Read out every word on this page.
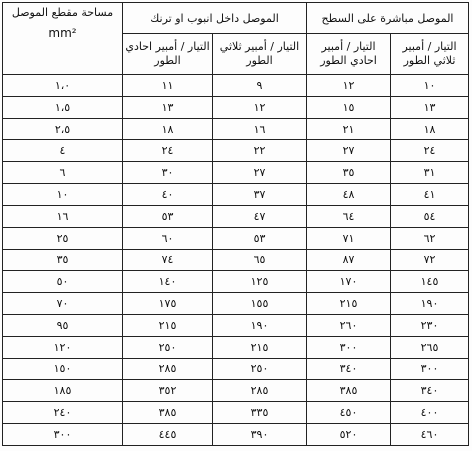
الموصل مباشرة على السطح		الموصل داخل انبوب او ترنك		مساحة مقطع الموصل
mm²
التيار / أمبير ثلاثي الطور	التيار / أمبير احادي الطور	التيار / أمبير ثلاثي الطور	التيار / أمبير احادي الطور	
١٠	١٢	٩	١١	١،٠
١٣	١٥	١٢	١٣	١،٥
١٨	٢١	١٦	١٨	٢،٥
٢٤	٢٧	٢٢	٢٤	٤
٣١	٣٥	٢٧	٣٠	٦
٤١	٤٨	٣٧	٤٠	١٠
٥٤	٦٤	٤٧	٥٣	١٦
٦٢	٧١	٥٣	٦٠	٢٥
٧٢	٨٧	٦٥	٧٤	٣٥
١٤٥	١٧٠	١٢٥	١٤٠	٥٠
١٩٠	٢١٥	١٥٥	١٧٥	٧٠
٢٣٠	٢٦٠	١٩٠	٢١٥	٩٥
٢٦٥	٣٠٠	٢١٥	٢٥٠	١٢٠
٣٠٠	٣٤٠	٢٥٠	٢٨٥	١٥٠
٣٤٠	٣٨٥	٢٨٥	٣٥٢	١٨٥
٤٠٠	٤٥٠	٣٣٥	٣٨٥	٢٤٠
٤٦٠	٥٢٠	٣٩٠	٤٤٥	٣٠٠
